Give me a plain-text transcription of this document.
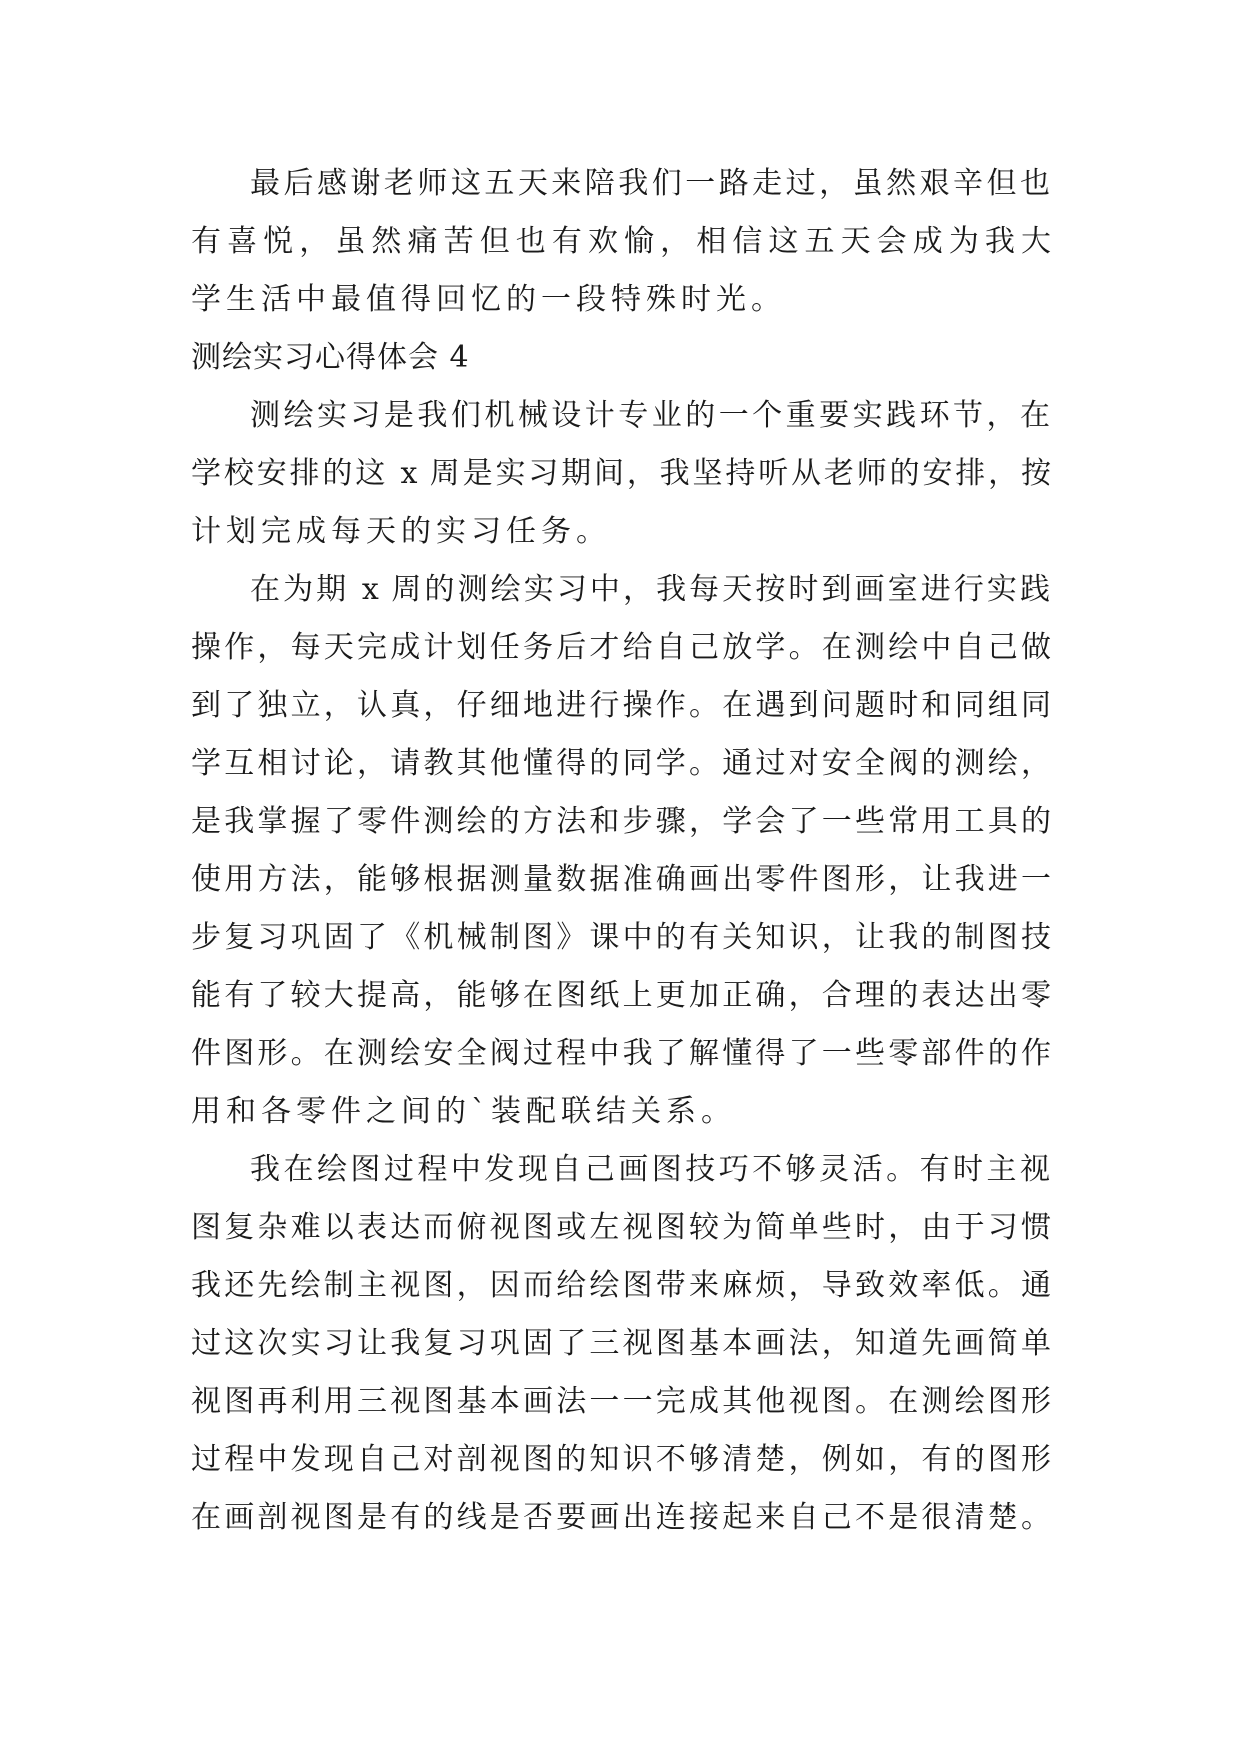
最后感谢老师这五天来陪我们一路走过，虽然艰辛但也
有喜悦，虽然痛苦但也有欢愉，相信这五天会成为我大
学生活中最值得回忆的一段特殊时光。
测绘实习心得体会 4
测绘实习是我们机械设计专业的一个重要实践环节，在
学校安排的这 x 周是实习期间，我坚持听从老师的安排，按
计划完成每天的实习任务。
在为期 x 周的测绘实习中，我每天按时到画室进行实践
操作，每天完成计划任务后才给自己放学。在测绘中自己做
到了独立，认真，仔细地进行操作。在遇到问题时和同组同
学互相讨论，请教其他懂得的同学。通过对安全阀的测绘，
是我掌握了零件测绘的方法和步骤，学会了一些常用工具的
使用方法，能够根据测量数据准确画出零件图形，让我进一
步复习巩固了《机械制图》课中的有关知识，让我的制图技
能有了较大提高，能够在图纸上更加正确，合理的表达出零
件图形。在测绘安全阀过程中我了解懂得了一些零部件的作
用和各零件之间的`装配联结关系。
我在绘图过程中发现自己画图技巧不够灵活。有时主视
图复杂难以表达而俯视图或左视图较为简单些时，由于习惯
我还先绘制主视图，因而给绘图带来麻烦，导致效率低。通
过这次实习让我复习巩固了三视图基本画法，知道先画简单
视图再利用三视图基本画法一一完成其他视图。在测绘图形
过程中发现自己对剖视图的知识不够清楚，例如，有的图形
在画剖视图是有的线是否要画出连接起来自己不是很清楚。
